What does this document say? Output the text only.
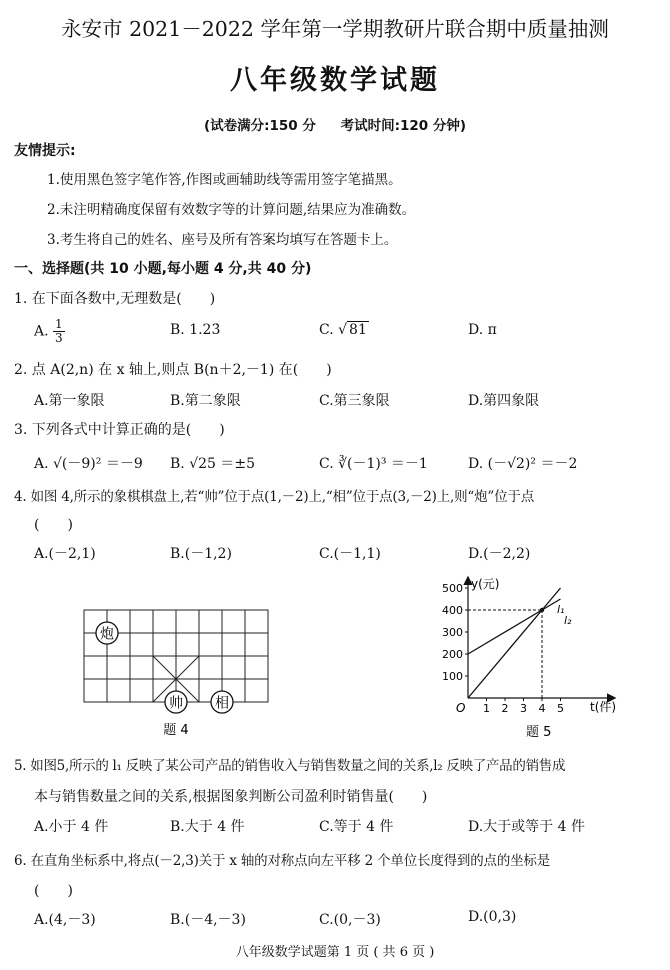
永安市 2021－2022 学年第一学期教研片联合期中质量抽测
八年级数学试题
(试卷满分:150 分 考试时间:120 分钟)
友情提示:
1.使用黑色签字笔作答,作图或画辅助线等需用签字笔描黑。
2.未注明精确度保留有效数字等的计算问题,结果应为准确数。
3.考生将自己的姓名、座号及所有答案均填写在答题卡上。
一、选择题(共 10 小题,每小题 4 分,共 40 分)
1. 在下面各数中,无理数是(　　)
A. $\frac{1}{3}$	B. 1.23̇	C. √ 81	D. π
2. 点 A(2,n) 在 x 轴上,则点 B(n＋2,－1) 在(　　)
A.第一象限	B.第二象限	C.第三象限	D.第四象限
3. 下列各式中计算正确的是(　　)
A. √(－9)² ＝－9 B. √25 ＝±5	C. ∛(－1)³ ＝－1	D. (－√2)² ＝－2
4. 如图 4,所示的象棋棋盘上,若“帅”位于点(1,－2)上,“相”位于点(3,－2)上,则“炮”位于点
(　　)
A.(－2,1)	B.(－1,2)	C.(－1,1)	D.(－2,2)
炮
帅 相
题 4
100
200
300
400
500
1 2 3 4 5
y(元)
t(件)
O
l₁
l₂
题 5
5. 如图5,所示的 l₁ 反映了某公司产品的销售收入与销售数量之间的关系,l₂ 反映了产品的销售成
本与销售数量之间的关系,根据图象判断公司盈利时销售量(　　)
A.小于 4 件	B.大于 4 件	C.等于 4 件	D.大于或等于 4 件
6. 在直角坐标系中,将点(－2,3)关于 x 轴的对称点向左平移 2 个单位长度得到的点的坐标是
(　　)
A.(4,－3)	B.(－4,－3)	C.(0,－3)	D.(0,3)
八年级数学试题第 1 页 ( 共 6 页 )
